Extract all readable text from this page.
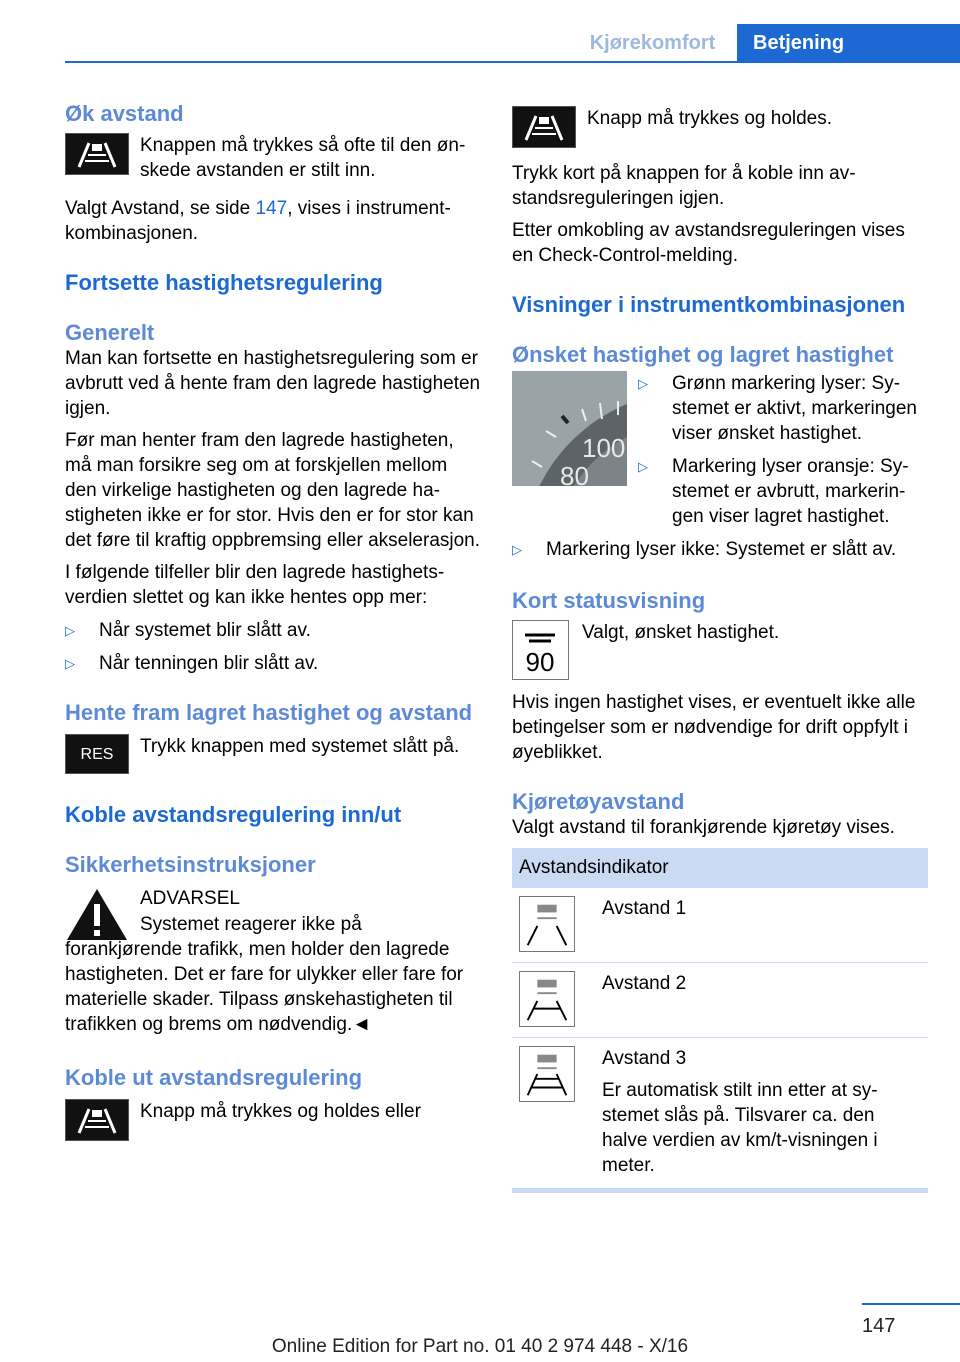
Kjørekomfort	Betjening
Øk avstand

Knappen må trykkes så ofte til den ønskede avstanden er stilt inn.

Valgt Avstand, se side 147, vises i instrumentkombinasjonen.

Fortsette hastighetsregulering
Generelt

Man kan fortsette en hastighetsregulering som er avbrutt ved å hente fram den lagrede hastigheten igjen.

Før man henter fram den lagrede hastigheten, må man forsikre seg om at forskjellen mellom den virkelige hastigheten og den lagrede hastigheten ikke er for stor. Hvis den er for stor kan det føre til kraftig oppbremsing eller akselerasjon.

I følgende tilfeller blir den lagrede hastighetsverdien slettet og kan ikke hentes opp mer:

▷	Når systemet blir slått av.
▷	Når tenningen blir slått av.
Hente fram lagret hastighet og avstand
RES Trykk knappen med systemet slått på.

Koble avstandsregulering inn/ut
Sikkerhetsinstruksjoner

ADVARSEL

Systemet reagerer ikke på forankjørende trafikk, men holder den lagrede hastigheten. Det er fare for ulykker eller fare for materielle skader. Tilpass ønskehastigheten til trafikken og brems om nødvendig.◄

Koble ut avstandsregulering

Knapp må trykkes og holdes eller

Knapp må trykkes og holdes.

Trykk kort på knappen for å koble inn avstandsreguleringen igjen.

Etter omkobling av avstandsreguleringen vises en Check-Control-melding.

Visninger i instrumentkombinasjonen
Ønsket hastighet og lagret hastighet
100
80
▷	Grønn markering lyser: Systemet er aktivt, markeringen viser ønsket hastighet.
▷	Markering lyser oransje: Systemet er avbrutt, markeringen viser lagret hastighet.
▷	Markering lyser ikke: Systemet er slått av.
Kort statusvisning
90

Valgt, ønsket hastighet.

Hvis ingen hastighet vises, er eventuelt ikke alle betingelser som er nødvendige for drift oppfylt i øyeblikket.

Kjøretøyavstand

Valgt avstand til forankjørende kjøretøy vises.

Avstandsindikator

Avstand 1

Avstand 2

Avstand 3

Er automatisk stilt inn etter at systemet slås på. Tilsvarer ca. den halve verdien av km/t-visningen i meter.

147
Online Edition for Part no. 01 40 2 974 448 - X/16
